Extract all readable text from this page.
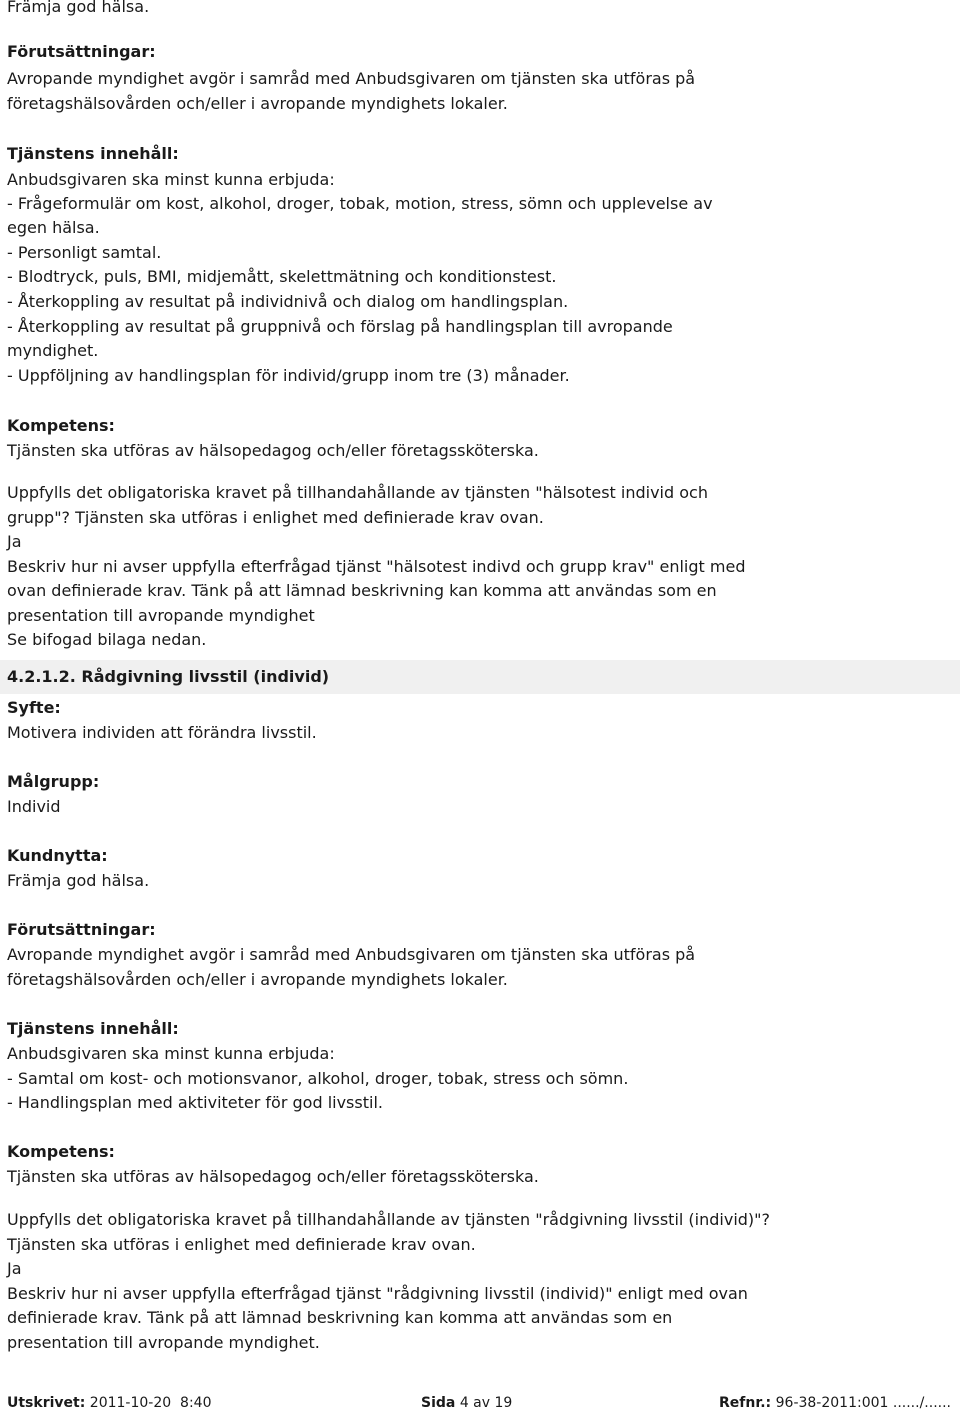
Främja god hälsa.
Förutsättningar:
Avropande myndighet avgör i samråd med Anbudsgivaren om tjänsten ska utföras på
företagshälsovården och/eller i avropande myndighets lokaler.
Tjänstens innehåll:
Anbudsgivaren ska minst kunna erbjuda:
- Frågeformulär om kost, alkohol, droger, tobak, motion, stress, sömn och upplevelse av
egen hälsa.
- Personligt samtal.
- Blodtryck, puls, BMI, midjemått, skelettmätning och konditionstest.
- Återkoppling av resultat på individnivå och dialog om handlingsplan.
- Återkoppling av resultat på gruppnivå och förslag på handlingsplan till avropande
myndighet.
- Uppföljning av handlingsplan för individ/grupp inom tre (3) månader.
Kompetens:
Tjänsten ska utföras av hälsopedagog och/eller företagssköterska.
Uppfylls det obligatoriska kravet på tillhandahållande av tjänsten "hälsotest individ och
grupp"? Tjänsten ska utföras i enlighet med definierade krav ovan.
Ja
Beskriv hur ni avser uppfylla efterfrågad tjänst "hälsotest indivd och grupp krav" enligt med
ovan definierade krav. Tänk på att lämnad beskrivning kan komma att användas som en
presentation till avropande myndighet
Se bifogad bilaga nedan.
4.2.1.2. Rådgivning livsstil (individ)
Syfte:
Motivera individen att förändra livsstil.
Målgrupp:
Individ
Kundnytta:
Främja god hälsa.
Förutsättningar:
Avropande myndighet avgör i samråd med Anbudsgivaren om tjänsten ska utföras på
företagshälsovården och/eller i avropande myndighets lokaler.
Tjänstens innehåll:
Anbudsgivaren ska minst kunna erbjuda:
- Samtal om kost- och motionsvanor, alkohol, droger, tobak, stress och sömn.
- Handlingsplan med aktiviteter för god livsstil.
Kompetens:
Tjänsten ska utföras av hälsopedagog och/eller företagssköterska.
Uppfylls det obligatoriska kravet på tillhandahållande av tjänsten "rådgivning livsstil (individ)"?
Tjänsten ska utföras i enlighet med definierade krav ovan.
Ja
Beskriv hur ni avser uppfylla efterfrågad tjänst "rådgivning livsstil (individ)" enligt med ovan
definierade krav. Tänk på att lämnad beskrivning kan komma att användas som en
presentation till avropande myndighet.
Utskrivet: 2011-10-20  8:40	Sida 4 av 19	Refnr.: 96-38-2011:001 ....../......
